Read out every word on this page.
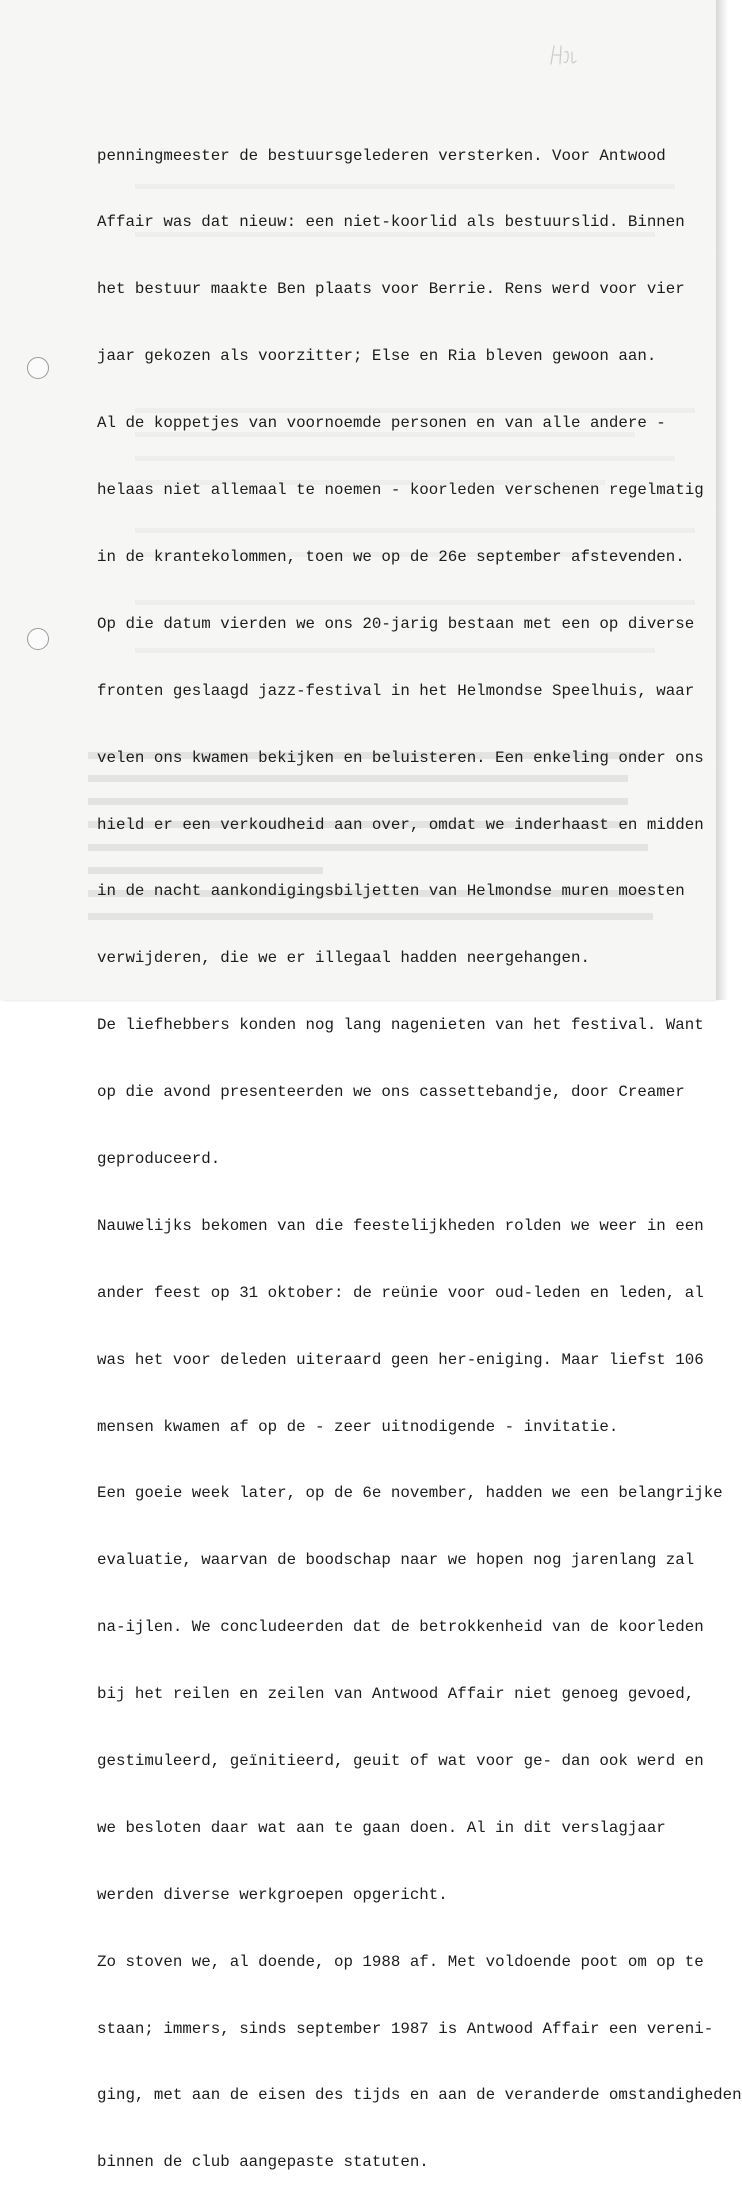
penningmeester de bestuursgelederen versterken. Voor Antwood

Affair was dat nieuw: een niet-koorlid als bestuurslid. Binnen

het bestuur maakte Ben plaats voor Berrie. Rens werd voor vier

jaar gekozen als voorzitter; Else en Ria bleven gewoon aan.

Al de koppetjes van voornoemde personen en van alle andere -

helaas niet allemaal te noemen - koorleden verschenen regelmatig

in de krantekolommen, toen we op de 26e september afstevenden.

Op die datum vierden we ons 20-jarig bestaan met een op diverse

fronten geslaagd jazz-festival in het Helmondse Speelhuis, waar

velen ons kwamen bekijken en beluisteren. Een enkeling onder ons

hield er een verkoudheid aan over, omdat we inderhaast en midden

in de nacht aankondigingsbiljetten van Helmondse muren moesten

verwijderen, die we er illegaal hadden neergehangen.

De liefhebbers konden nog lang nagenieten van het festival. Want

op die avond presenteerden we ons cassettebandje, door Creamer

geproduceerd.

Nauwelijks bekomen van die feestelijkheden rolden we weer in een

ander feest op 31 oktober: de reünie voor oud-leden en leden, al

was het voor deleden uiteraard geen her-eniging. Maar liefst 106

mensen kwamen af op de - zeer uitnodigende - invitatie.

Een goeie week later, op de 6e november, hadden we een belangrijke

evaluatie, waarvan de boodschap naar we hopen nog jarenlang zal

na-ijlen. We concludeerden dat de betrokkenheid van de koorleden

bij het reilen en zeilen van Antwood Affair niet genoeg gevoed,

gestimuleerd, geïnitieerd, geuit of wat voor ge- dan ook werd en

we besloten daar wat aan te gaan doen. Al in dit verslagjaar

werden diverse werkgroepen opgericht.

Zo stoven we, al doende, op 1988 af. Met voldoende poot om op te

staan; immers, sinds september 1987 is Antwood Affair een vereni-

ging, met aan de eisen des tijds en aan de veranderde omstandigheden

binnen de club aangepaste statuten.
